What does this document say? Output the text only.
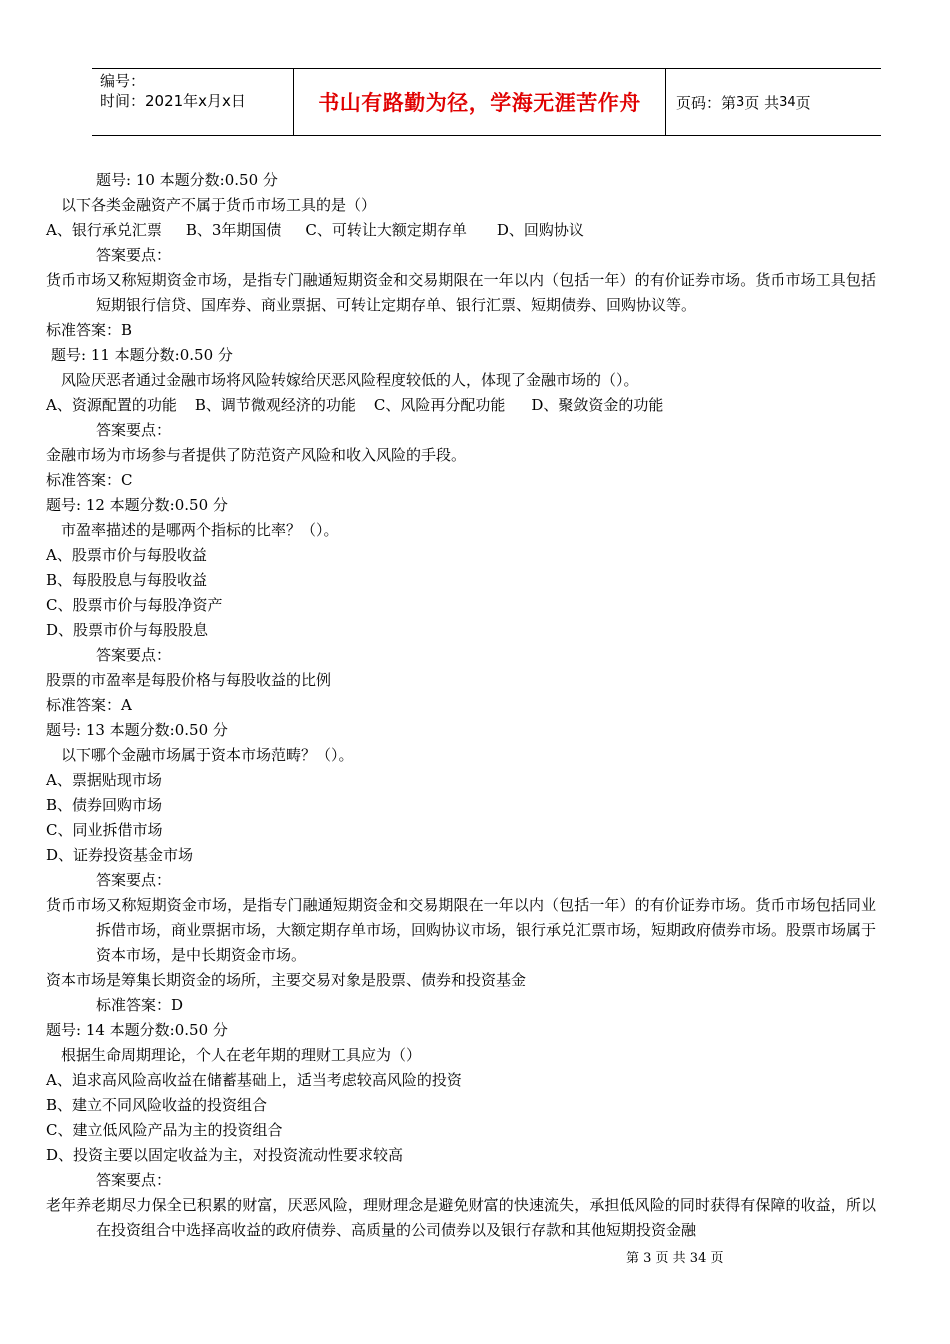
编号：
时间：2021年x月x日	书山有路勤为径，学海无涯苦作舟	页码：第 3 页 共 34 页
题号: 10 本题分数:0.50 分
以下各类金融资产不属于货币市场工具的是（）
A、银行承兑汇票 B、3年期国债 C、可转让大额定期存单 D、回购协议
答案要点：
货币市场又称短期资金市场，是指专门融通短期资金和交易期限在一年以内（包括一年）的有价证券市场。货币市场工具包括短期银行信贷、国库券、商业票据、可转让定期存单、银行汇票、短期债券、回购协议等。
标准答案：B
题号: 11 本题分数:0.50 分
风险厌恶者通过金融市场将风险转嫁给厌恶风险程度较低的人，体现了金融市场的（）。
A、资源配置的功能 B、调节微观经济的功能 C、风险再分配功能 D、聚敛资金的功能
答案要点：
金融市场为市场参与者提供了防范资产风险和收入风险的手段。
标准答案：C
题号: 12 本题分数:0.50 分
市盈率描述的是哪两个指标的比率？（）。
A、股票市价与每股收益
B、每股股息与每股收益
C、股票市价与每股净资产
D、股票市价与每股股息
答案要点：
股票的市盈率是每股价格与每股收益的比例
标准答案：A
题号: 13 本题分数:0.50 分
以下哪个金融市场属于资本市场范畴？（）。
A、票据贴现市场
B、债券回购市场
C、同业拆借市场
D、证券投资基金市场
答案要点：
货币市场又称短期资金市场，是指专门融通短期资金和交易期限在一年以内（包括一年）的有价证券市场。货币市场包括同业拆借市场，商业票据市场，大额定期存单市场，回购协议市场，银行承兑汇票市场，短期政府债券市场。股票市场属于资本市场，是中长期资金市场。
资本市场是筹集长期资金的场所，主要交易对象是股票、债券和投资基金
标准答案：D
题号: 14 本题分数:0.50 分
根据生命周期理论，个人在老年期的理财工具应为（）
A、追求高风险高收益在储蓄基础上，适当考虑较高风险的投资
B、建立不同风险收益的投资组合
C、建立低风险产品为主的投资组合
D、投资主要以固定收益为主，对投资流动性要求较高
答案要点：
老年养老期尽力保全已积累的财富，厌恶风险，理财理念是避免财富的快速流失，承担低风险的同时获得有保障的收益，所以在投资组合中选择高收益的政府债券、高质量的公司债券以及银行存款和其他短期投资金融
第 3 页 共 34 页
